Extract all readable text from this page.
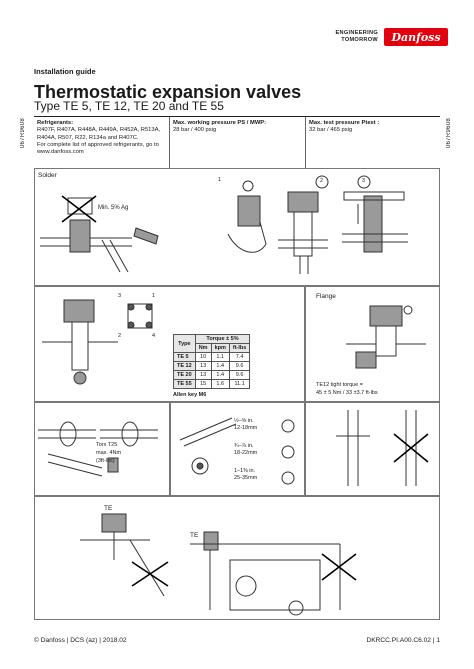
ENGINEERING
TOMORROW	Danfoss
Installation guide
Thermostatic expansion valves
Type TE 5, TE 12, TE 20 and TE 55
067R9608	067R9608
Refrigerants:
R407F, R407A, R448A, R449A, R452A, R513A, R404A, R507, R22, R134a and R407C.
For complete list of approved refrigerants, go to www.danfoss.com
Max. working pressure PS / MWP:
28 bar / 400 psig
Max. test pressure Ptest :
32 bar / 465 psig
Solder
Min. 5% Ag
1	2	3
3	1
2	4
Type	Torque ± 5%		
	Nm	kpm	ft-lbs
TE 5	10	1.1	7.4
TE 12	13	1.4	9.6
TE 20	13	1.4	9.6
TE 55	15	1.6	11.1
Allen key M6
Flange
TE12 tight torque =
45 ± 5 Nm / 33 ±3.7 ft-lbs
Torx T25
max. 4Nm
(3ft-lbs)
½–⅝ in.
12-18mm
¾–⅞ in.
18-22mm
1–1⅜ in.
25-35mm
TE
TE
© Danfoss | DCS (az) | 2018.02	DKRCC.PI.A00.C6.02 | 1
